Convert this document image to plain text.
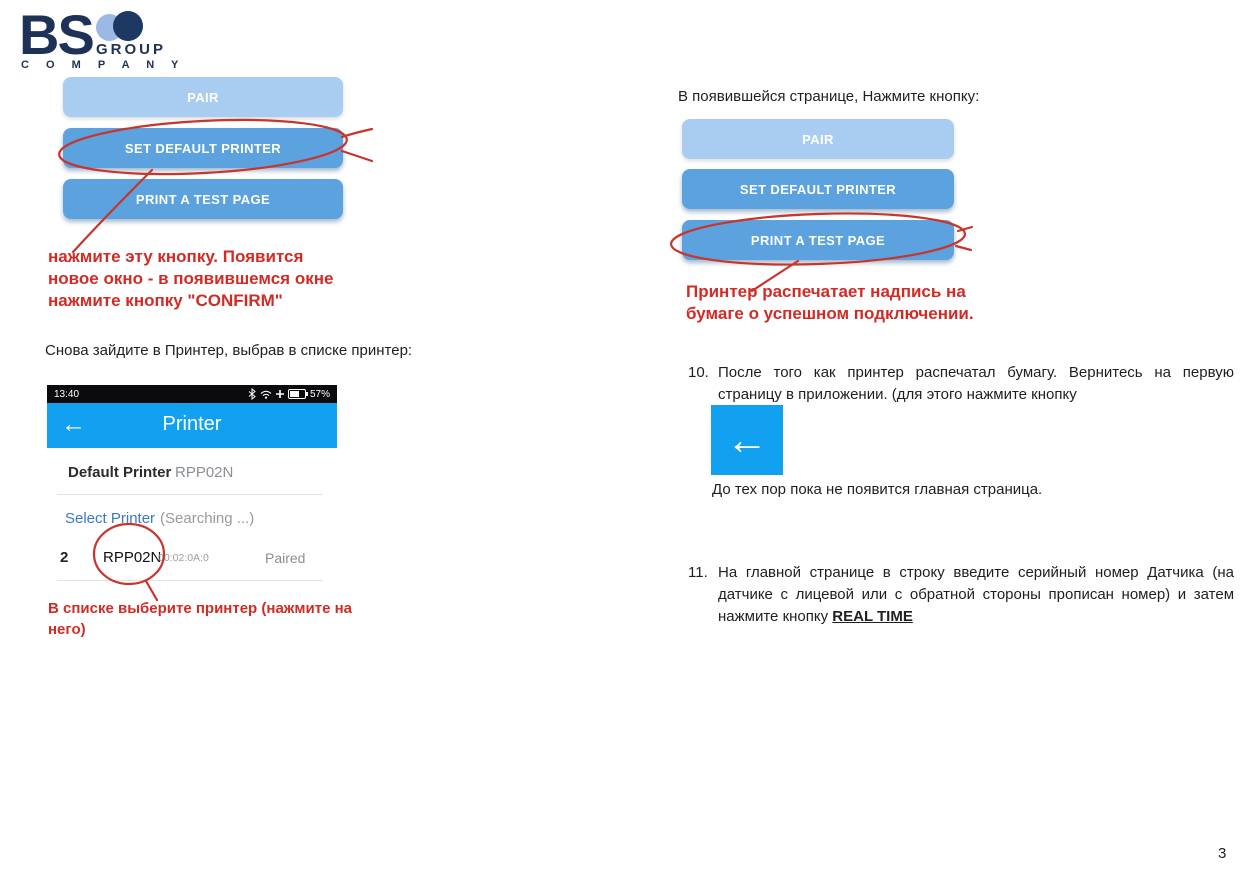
BS GROUP
C O M P A N Y
PAIR
SET DEFAULT PRINTER
PRINT A TEST PAGE
нажмите эту кнопку. Появится
новое окно - в появившемся окне
нажмите кнопку "CONFIRM"
Снова зайдите в Принтер, выбрав в списке принтер:
13:40	57%
←	Printer
Default Printer RPP02N
Select Printer (Searching ...)
2 RPP02N
00:02:0A:0	Paired
В списке выберите принтер (нажмите на
него)
В появившейся странице, Нажмите кнопку:
PAIR
SET DEFAULT PRINTER
PRINT A TEST PAGE
Принтер распечатает надпись на
бумаге о успешном подключении.
10. После того как принтер распечатал бумагу. Вернитесь на первую страницу в приложении. (для этого нажмите кнопку
←
До тех пор пока не появится главная страница.
11. На главной странице в строку введите серийный номер Датчика (на датчике с лицевой или с обратной стороны прописан номер) и затем нажмите кнопку REAL TIME
3
